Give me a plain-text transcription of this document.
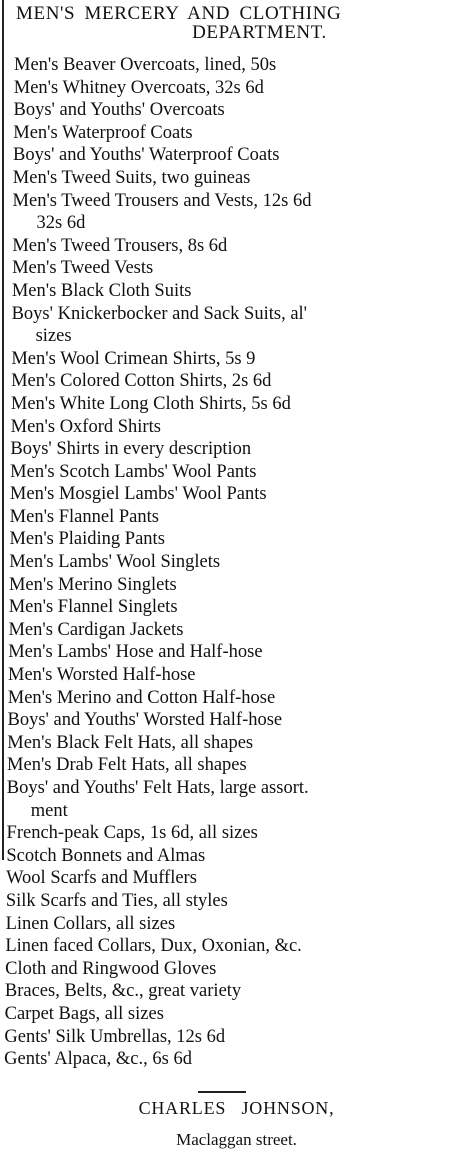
MEN'S MERCERY AND CLOTHING
DEPARTMENT.
Men's Beaver Overcoats, lined, 50s
Men's Whitney Overcoats, 32s 6d
Boys' and Youths' Overcoats
Men's Waterproof Coats
Boys' and Youths' Waterproof Coats
Men's Tweed Suits, two guineas
Men's Tweed Trousers and Vests, 12s 6d
32s 6d
Men's Tweed Trousers, 8s 6d
Men's Tweed Vests
Men's Black Cloth Suits
Boys' Knickerbocker and Sack Suits, al'
sizes
Men's Wool Crimean Shirts, 5s 9
Men's Colored Cotton Shirts, 2s 6d
Men's White Long Cloth Shirts, 5s 6d
Men's Oxford Shirts
Boys' Shirts in every description
Men's Scotch Lambs' Wool Pants
Men's Mosgiel Lambs' Wool Pants
Men's Flannel Pants
Men's Plaiding Pants
Men's Lambs' Wool Singlets
Men's Merino Singlets
Men's Flannel Singlets
Men's Cardigan Jackets
Men's Lambs' Hose and Half-hose
Men's Worsted Half-hose
Men's Merino and Cotton Half-hose
Boys' and Youths' Worsted Half-hose
Men's Black Felt Hats, all shapes
Men's Drab Felt Hats, all shapes
Boys' and Youths' Felt Hats, large assort.
ment
French-peak Caps, 1s 6d, all sizes
Scotch Bonnets and Almas
Wool Scarfs and Mufflers
Silk Scarfs and Ties, all styles
Linen Collars, all sizes
Linen faced Collars, Dux, Oxonian, &c.
Cloth and Ringwood Gloves
Braces, Belts, &c., great variety
Carpet Bags, all sizes
Gents' Silk Umbrellas, 12s 6d
Gents' Alpaca, &c., 6s 6d
CHARLES JOHNSON,
Maclaggan street.
